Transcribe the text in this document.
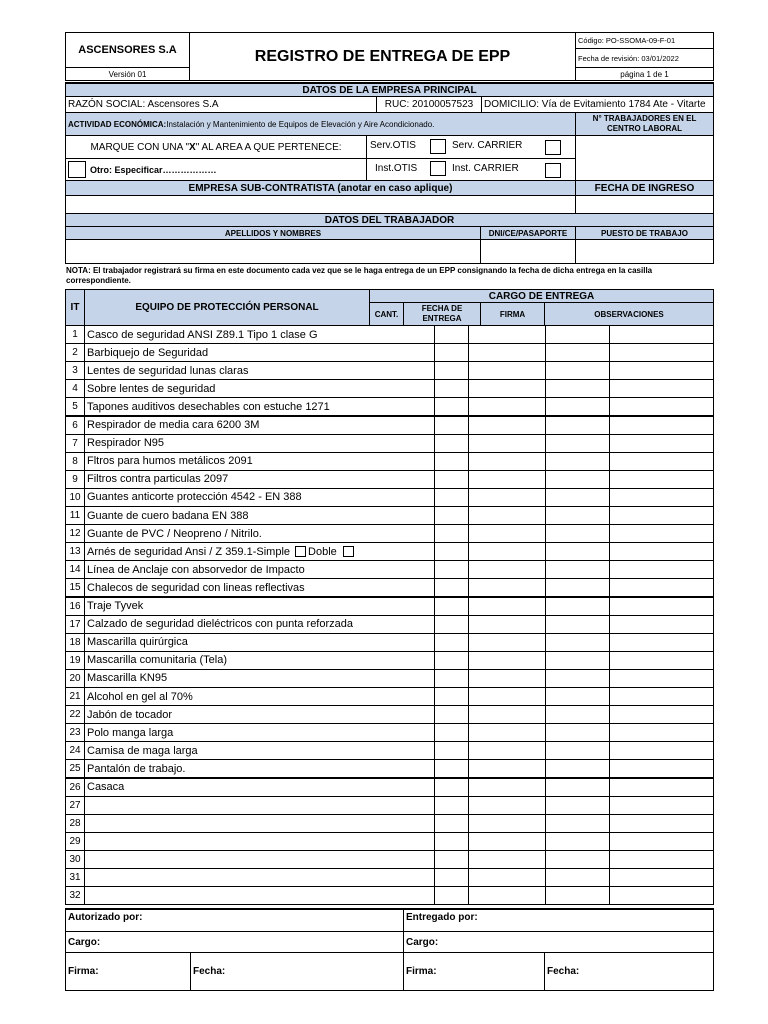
ASCENSORES S.A
Versión 01
REGISTRO DE ENTREGA DE EPP
Código: PO-SSOMA-09-F-01
Fecha de revisión: 03/01/2022
página 1 de 1
DATOS DE LA EMPRESA PRINCIPAL
RAZÓN SOCIAL: Ascensores S.A	RUC: 20100057523	DOMICILIO: Vía de Evitamiento 1784 Ate - Vitarte
ACTIVIDAD ECONÓMICA: Instalación y Mantenimiento de Equipos de Elevación y Aire Acondicionado.
N° TRABAJADORES EN EL CENTRO LABORAL
MARQUE CON UNA " X " AL AREA A QUE PERTENECE:	Serv.OTIS	Serv. CARRIER
Otro: Especificar………………	Inst.OTIS	Inst. CARRIER
EMPRESA SUB-CONTRATISTA (anotar en caso aplique)	FECHA DE INGRESO
DATOS DEL TRABAJADOR
APELLIDOS Y NOMBRES	DNI/CE/PASAPORTE	PUESTO DE TRABAJO
NOTA: El trabajador registrará su firma en este documento cada vez que se le haga entrega de un EPP consignando la fecha de dicha entrega en la casilla correspondiente.
IT	EQUIPO DE PROTECCIÓN PERSONAL
CARGO DE ENTREGA
CANT.
FECHA DE ENTREGA	FIRMA	OBSERVACIONES
1 Casco de seguridad ANSI Z89.1 Tipo 1 clase G
2 Barbiquejo de Seguridad
3 Lentes de seguridad lunas claras
4 Sobre lentes de seguridad
5 Tapones auditivos desechables con estuche 1271
6 Respirador de media cara 6200 3M
7 Respirador N95
8 Fltros para humos metálicos 2091
9 Filtros contra particulas 2097
10 Guantes anticorte protección 4542 - EN 388
11 Guante de cuero badana EN 388
12 Guante de PVC / Neopreno / Nitrilo.
13 Arnés de seguridad Ansi / Z 359.1-Simple Doble
14 Línea de Anclaje con absorvedor de Impacto
15 Chalecos de seguridad con lineas reflectivas
16 Traje Tyvek
17 Calzado de seguridad dieléctricos con punta reforzada
18 Mascarilla quirúrgica
19 Mascarilla comunitaria (Tela)
20 Mascarilla KN95
21 Alcohol en gel al 70%
22 Jabón de tocador
23 Polo manga larga
24 Camisa de maga larga
25 Pantalón de trabajo.
26 Casaca
27
28
29
30
31
32
Autorizado por:	Entregado por:
Cargo:	Cargo:
Firma:	Fecha:	Firma:	Fecha:
